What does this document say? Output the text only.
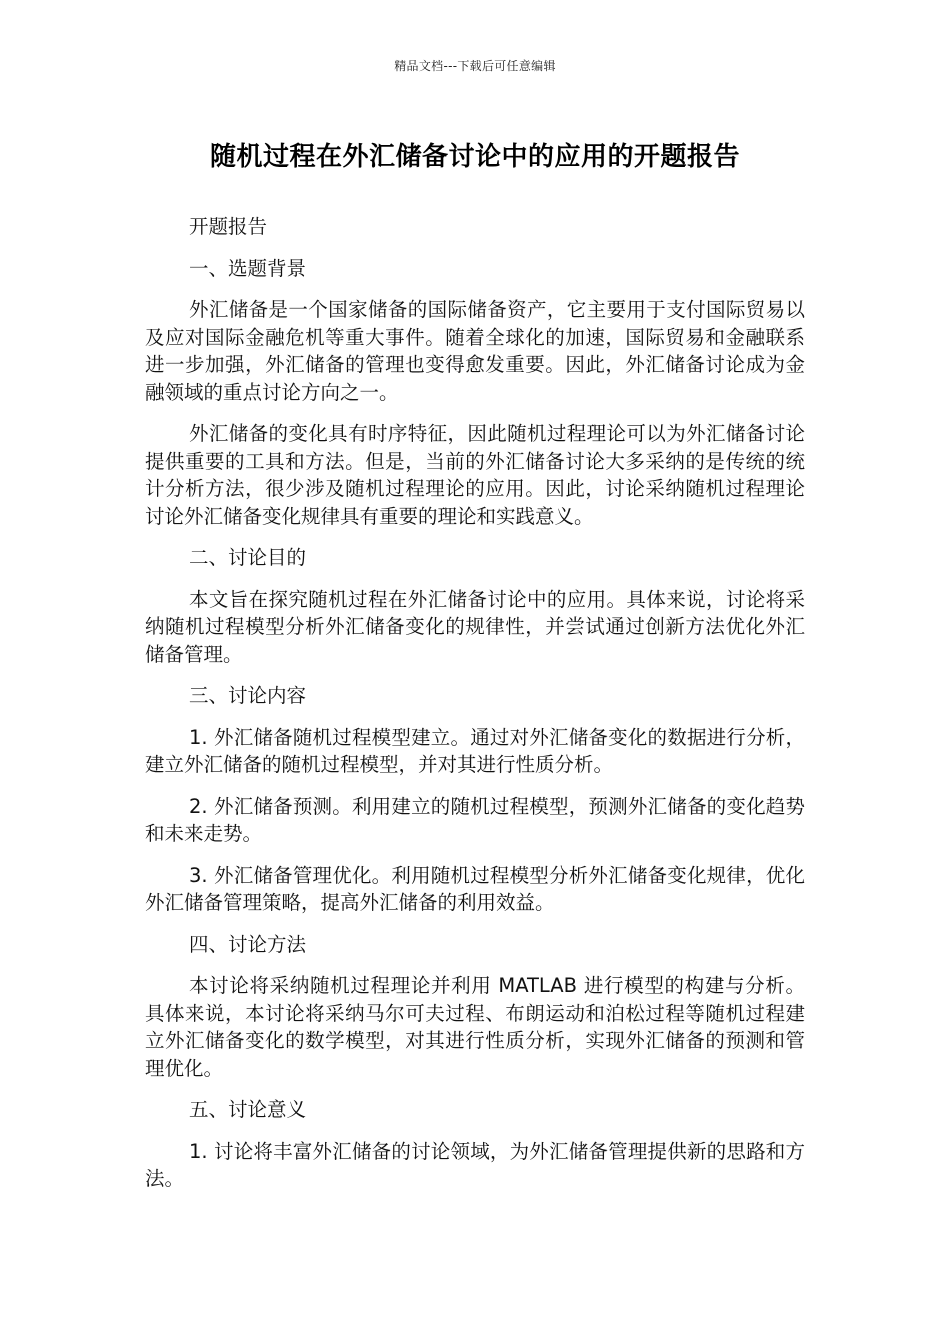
精品文档---下载后可任意编辑
随机过程在外汇储备讨论中的应用的开题报告
开题报告
一、选题背景

外汇储备是一个国家储备的国际储备资产，它主要用于支付国际贸易以及应对国际金融危机等重大事件。随着全球化的加速，国际贸易和金融联系进一步加强，外汇储备的管理也变得愈发重要。因此，外汇储备讨论成为金融领域的重点讨论方向之一。

外汇储备的变化具有时序特征，因此随机过程理论可以为外汇储备讨论提供重要的工具和方法。但是，当前的外汇储备讨论大多采纳的是传统的统计分析方法，很少涉及随机过程理论的应用。因此，讨论采纳随机过程理论讨论外汇储备变化规律具有重要的理论和实践意义。

二、讨论目的

本文旨在探究随机过程在外汇储备讨论中的应用。具体来说，讨论将采纳随机过程模型分析外汇储备变化的规律性，并尝试通过创新方法优化外汇储备管理。

三、讨论内容

1. 外汇储备随机过程模型建立。通过对外汇储备变化的数据进行分析，建立外汇储备的随机过程模型，并对其进行性质分析。

2. 外汇储备预测。利用建立的随机过程模型，预测外汇储备的变化趋势和未来走势。

3. 外汇储备管理优化。利用随机过程模型分析外汇储备变化规律，优化外汇储备管理策略，提高外汇储备的利用效益。

四、讨论方法

本讨论将采纳随机过程理论并利用 MATLAB 进行模型的构建与分析。具体来说，本讨论将采纳马尔可夫过程、布朗运动和泊松过程等随机过程建立外汇储备变化的数学模型，对其进行性质分析，实现外汇储备的预测和管理优化。

五、讨论意义

1. 讨论将丰富外汇储备的讨论领域，为外汇储备管理提供新的思路和方法。
